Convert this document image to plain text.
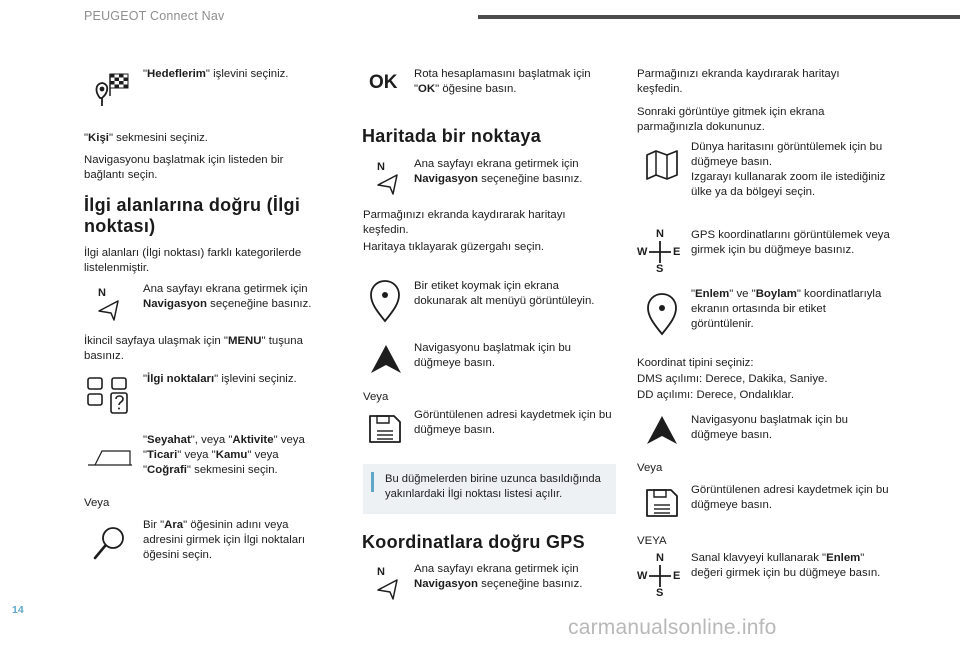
PEUGEOT Connect Nav
"Hedeflerim" işlevini seçiniz.
"Kişi" sekmesini seçiniz.
Navigasyonu başlatmak için listeden bir bağlantı seçin.
İlgi alanlarına doğru (İlgi noktası)
İlgi alanları (İlgi noktası) farklı kategorilerde listelenmiştir.
N	Ana sayfayı ekrana getirmek için Navigasyon seçeneğine basınız.
İkincil sayfaya ulaşmak için "MENU" tuşuna basınız.
"İlgi noktaları" işlevini seçiniz.
"Seyahat", veya "Aktivite" veya "Ticari" veya "Kamu" veya "Coğrafi" sekmesini seçin.
Veya
Bir "Ara" öğesinin adını veya adresini girmek için İlgi noktaları öğesini seçin.
OK Rota hesaplamasını başlatmak için "OK" öğesine basın.
Haritada bir noktaya
N	Ana sayfayı ekrana getirmek için Navigasyon seçeneğine basınız.
Parmağınızı ekranda kaydırarak haritayı keşfedin.
Haritaya tıklayarak güzergahı seçin.
Bir etiket koymak için ekrana dokunarak alt menüyü görüntüleyin.
Navigasyonu başlatmak için bu düğmeye basın.
Veya
Görüntülenen adresi kaydetmek için bu düğmeye basın.
Bu düğmelerden birine uzunca basıldığında yakınlardaki İlgi noktası listesi açılır.
Koordinatlara doğru GPS
N	Ana sayfayı ekrana getirmek için Navigasyon seçeneğine basınız.
Parmağınızı ekranda kaydırarak haritayı keşfedin.
Sonraki görüntüye gitmek için ekrana parmağınızla dokununuz.
Dünya haritasını görüntülemek için bu düğmeye basın.
Izgarayı kullanarak zoom ile istediğiniz ülke ya da bölgeyi seçin.
N
W E
S
GPS koordinatlarını görüntülemek veya girmek için bu düğmeye basınız.
"Enlem" ve "Boylam" koordinatlarıyla ekranın ortasında bir etiket görüntülenir.
Koordinat tipini seçiniz:
DMS açılımı: Derece, Dakika, Saniye.
DD açılımı: Derece, Ondalıklar.
Navigasyonu başlatmak için bu düğmeye basın.
Veya
Görüntülenen adresi kaydetmek için bu düğmeye basın.
VEYA
N
W E
S
Sanal klavyeyi kullanarak "Enlem" değeri girmek için bu düğmeye basın.
14
carmanualsonline.info
